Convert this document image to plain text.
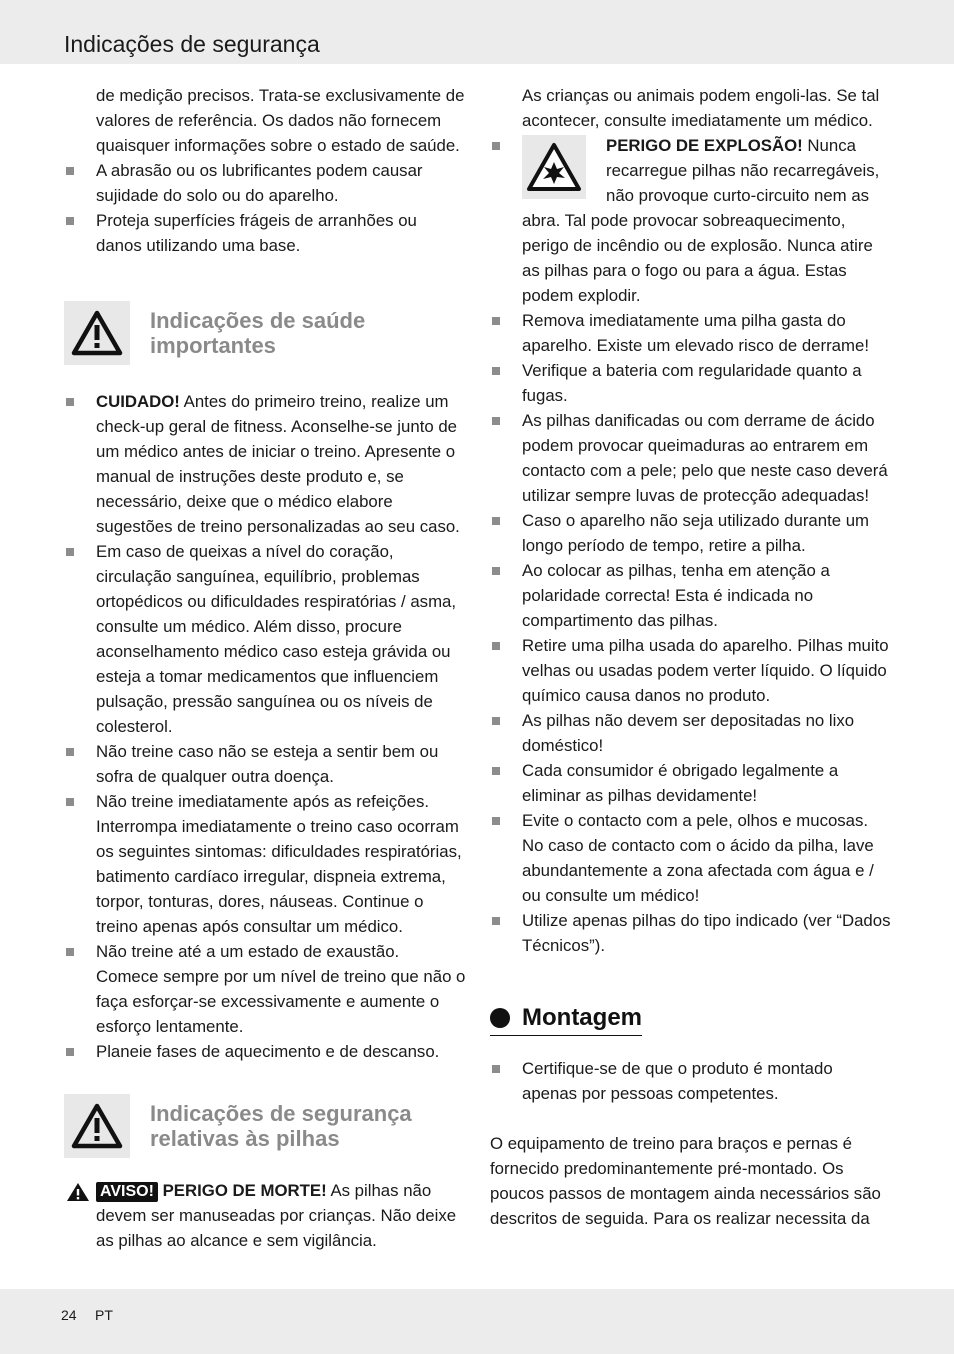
Indicações de segurança

de medição precisos. Trata-se exclusivamente de valores de referência. Os dados não fornecem quaisquer informações sobre o estado de saúde.

A abrasão ou os lubrificantes podem causar sujidade do solo ou do aparelho.
Proteja superfícies frágeis de arranhões ou danos utilizando uma base.
Indicações de saúde importantes
CUIDADO! Antes do primeiro treino, realize um check-up geral de fitness. Aconselhe-se junto de um médico antes de iniciar o treino. Apresente o manual de instruções deste produto e, se necessário, deixe que o médico elabore sugestões de treino personalizadas ao seu caso.
Em caso de queixas a nível do coração, circulação sanguínea, equilíbrio, problemas ortopédicos ou dificuldades respiratórias / asma, consulte um médico. Além disso, procure aconselhamento médico caso esteja grávida ou esteja a tomar medicamentos que influenciem pulsação, pressão sanguínea ou os níveis de colesterol.
Não treine caso não se esteja a sentir bem ou sofra de qualquer outra doença.
Não treine imediatamente após as refeições. Interrompa imediatamente o treino caso ocorram os seguintes sintomas: dificuldades respiratórias, batimento cardíaco irregular, dispneia extrema, torpor, tonturas, dores, náuseas. Continue o treino apenas após consultar um médico.
Não treine até a um estado de exaustão. Comece sempre por um nível de treino que não o faça esforçar-se excessivamente e aumente o esforço lentamente.
Planeie fases de aquecimento e de descanso.
Indicações de segurança relativas às pilhas
AVISO! PERIGO DE MORTE! As pilhas não devem ser manuseadas por crianças. Não deixe as pilhas ao alcance e sem vigilância.

As crianças ou animais podem engoli-las. Se tal acontecer, consulte imediatamente um médico.

PERIGO DE EXPLOSÃO! Nunca recarregue pilhas não recarregáveis, não provoque curto-circuito nem as abra. Tal pode provocar sobreaquecimento, perigo de incêndio ou de explosão. Nunca atire as pilhas para o fogo ou para a água. Estas podem explodir.
Remova imediatamente uma pilha gasta do aparelho. Existe um elevado risco de derrame!
Verifique a bateria com regularidade quanto a fugas.
As pilhas danificadas ou com derrame de ácido podem provocar queimaduras ao entrarem em contacto com a pele; pelo que neste caso deverá utilizar sempre luvas de protecção adequadas!
Caso o aparelho não seja utilizado durante um longo período de tempo, retire a pilha.
Ao colocar as pilhas, tenha em atenção a polaridade correcta! Esta é indicada no compartimento das pilhas.
Retire uma pilha usada do aparelho. Pilhas muito velhas ou usadas podem verter líquido. O líquido químico causa danos no produto.
As pilhas não devem ser depositadas no lixo doméstico!
Cada consumidor é obrigado legalmente a eliminar as pilhas devidamente!
Evite o contacto com a pele, olhos e mucosas. No caso de contacto com o ácido da pilha, lave abundantemente a zona afectada com água e / ou consulte um médico!
Utilize apenas pilhas do tipo indicado (ver “Dados Técnicos”).
Montagem
Certifique-se de que o produto é montado apenas por pessoas competentes.

O equipamento de treino para braços e pernas é fornecido predominantemente pré-montado. Os poucos passos de montagem ainda necessários são descritos de seguida. Para os realizar necessita da

24 PT
